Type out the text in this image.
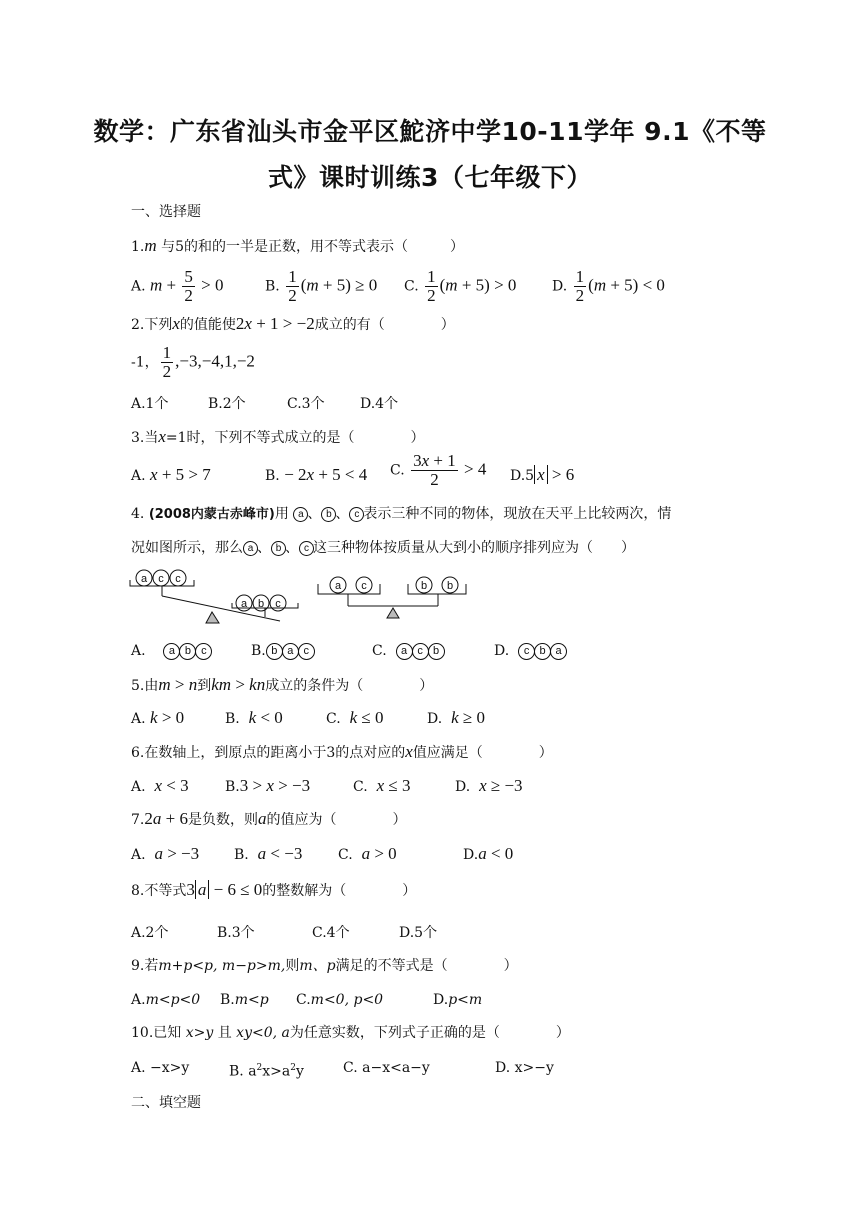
数学：广东省汕头市金平区鮀济中学10-11学年 9.1《不等
式》课时训练3（七年级下）
一、选择题
1.m 与5的和的一半是正数，用不等式表示（　　　）
A. $m + \frac{5}{2} > 0$	B. $\frac{1}{2} (m + 5) \ge 0$ C. $\frac{1}{2} (m + 5) > 0$	D. $\frac{1}{2} (m + 5) < 0$
2.下列x的值能使2x + 1 > −2成立的有（　　　　）
-1， $\frac{1}{2} ,-3,-4,1,-2$
A.1个	B.2个	C.3个	D.4个
3.当x=1时，下列不等式成立的是（　　　　）
A. x + 5 > 7	B. − 2x + 5 < 4 C. $\frac{3x + 1}{2} > 4$ D.5 x > 6
4. (2008内蒙古赤峰市)用 a 、 b 、 c 表示三种不同的物体，现放在天平上比较两次，情
况如图所示，那么 a 、 b 、 c 这三种物体按质量从大到小的顺序排列应为（　　）
a c c
a b c
a c	b b
A. a b c	B. b a c	C. a c b	D. c b a
5.由m > n到km > kn成立的条件为（　　　　）
A. k > 0	B. k < 0	C. k ≤ 0	D. k ≥ 0
6.在数轴上，到原点的距离小于3的点对应的x值应满足（　　　　）
A. x < 3	B.3 > x > −3	C. x ≤ 3	D. x ≥ −3
7.2a + 6是负数，则a的值应为（　　　　）
A. a > −3 B. a < −3	C. a > 0	D.a < 0
8.不等式3 a − 6 ≤ 0的整数解为（　　　　）
A.2个	B.3个	C.4个	D.5个
9.若m+p<p, m−p>m,则m、p满足的不等式是（　　　　）
A.m<p<0 B.m<p C.m<0, p<0	D.p<m
10.已知 x>y 且 xy<0, a为任意实数，下列式子正确的是（　　　　）
A. −x>y	B. $a^2x>a^2y$	C. a−x<a−y	D. x>−y
二、填空题
